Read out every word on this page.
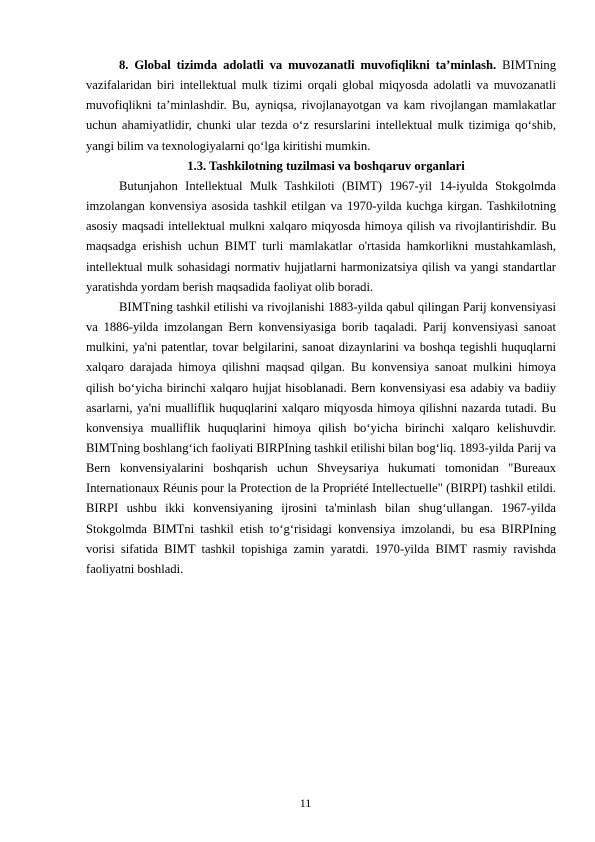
8. Global tizimda adolatli va muvozanatli muvofiqlikni ta’minlash. BIMTning vazifalaridan biri intellektual mulk tizimi orqali global miqyosda adolatli va muvozanatli muvofiqlikni ta’minlashdir. Bu, ayniqsa, rivojlanayotgan va kam rivojlangan mamlakatlar uchun ahamiyatlidir, chunki ular tezda o‘z resurslarini intellektual mulk tizimiga qo‘shib, yangi bilim va texnologiyalarni qo‘lga kiritishi mumkin.

1.3. Tashkilotning tuzilmasi va boshqaruv organlari

Butunjahon Intellektual Mulk Tashkiloti (BIMT) 1967-yil 14-iyulda Stokgolmda imzolangan konvensiya asosida tashkil etilgan va 1970-yilda kuchga kirgan. Tashkilotning asosiy maqsadi intellektual mulkni xalqaro miqyosda himoya qilish va rivojlantirishdir. Bu maqsadga erishish uchun BIMT turli mamlakatlar o'rtasida hamkorlikni mustahkamlash, intellektual mulk sohasidagi normativ hujjatlarni harmonizatsiya qilish va yangi standartlar yaratishda yordam berish maqsadida faoliyat olib boradi.

BIMTning tashkil etilishi va rivojlanishi 1883-yilda qabul qilingan Parij konvensiyasi va 1886-yilda imzolangan Bern konvensiyasiga borib taqaladi. Parij konvensiyasi sanoat mulkini, ya'ni patentlar, tovar belgilarini, sanoat dizaynlarini va boshqa tegishli huquqlarni xalqaro darajada himoya qilishni maqsad qilgan. Bu konvensiya sanoat mulkini himoya qilish bo‘yicha birinchi xalqaro hujjat hisoblanadi. Bern konvensiyasi esa adabiy va badiiy asarlarni, ya'ni mualliflik huquqlarini xalqaro miqyosda himoya qilishni nazarda tutadi. Bu konvensiya mualliflik huquqlarini himoya qilish bo‘yicha birinchi xalqaro kelishuvdir. BIMTning boshlang‘ich faoliyati BIRPIning tashkil etilishi bilan bog‘liq. 1893-yilda Parij va Bern konvensiyalarini boshqarish uchun Shveysariya hukumati tomonidan "Bureaux Internationaux Réunis pour la Protection de la Propriété Intellectuelle" (BIRPI) tashkil etildi. BIRPI ushbu ikki konvensiyaning ijrosini ta'minlash bilan shug‘ullangan. 1967-yilda Stokgolmda BIMTni tashkil etish to‘g‘risidagi konvensiya imzolandi, bu esa BIRPIning vorisi sifatida BIMT tashkil topishiga zamin yaratdi. 1970-yilda BIMT rasmiy ravishda faoliyatni boshladi.

11
